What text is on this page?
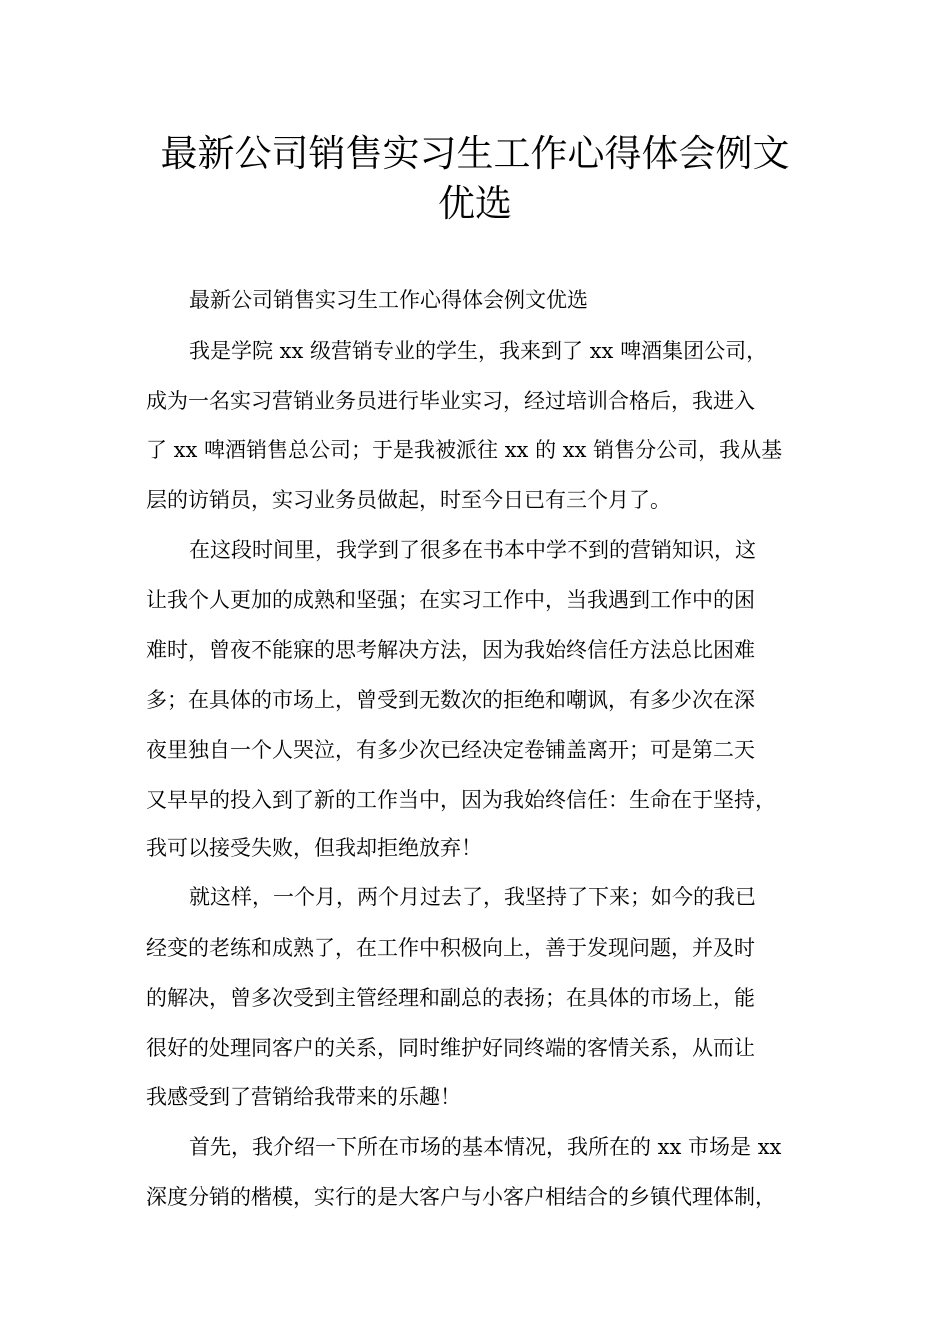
最新公司销售实习生工作心得体会例文
优选

最新公司销售实习生工作心得体会例文优选

我是学院 xx 级营销专业的学生，我来到了 xx 啤酒集团公司，

成为一名实习营销业务员进行毕业实习，经过培训合格后，我进入

了 xx 啤酒销售总公司；于是我被派往 xx 的 xx 销售分公司，我从基

层的访销员，实习业务员做起，时至今日已有三个月了。

在这段时间里，我学到了很多在书本中学不到的营销知识，这

让我个人更加的成熟和坚强；在实习工作中，当我遇到工作中的困

难时，曾夜不能寐的思考解决方法，因为我始终信任方法总比困难

多；在具体的市场上，曾受到无数次的拒绝和嘲讽，有多少次在深

夜里独自一个人哭泣，有多少次已经决定卷铺盖离开；可是第二天

又早早的投入到了新的工作当中，因为我始终信任：生命在于坚持，

我可以接受失败，但我却拒绝放弃！

就这样，一个月，两个月过去了，我坚持了下来；如今的我已

经变的老练和成熟了，在工作中积极向上，善于发现问题，并及时

的解决，曾多次受到主管经理和副总的表扬；在具体的市场上，能

很好的处理同客户的关系，同时维护好同终端的客情关系，从而让

我感受到了营销给我带来的乐趣！

首先，我介绍一下所在市场的基本情况，我所在的 xx 市场是 xx

深度分销的楷模，实行的是大客户与小客户相结合的乡镇代理体制，
